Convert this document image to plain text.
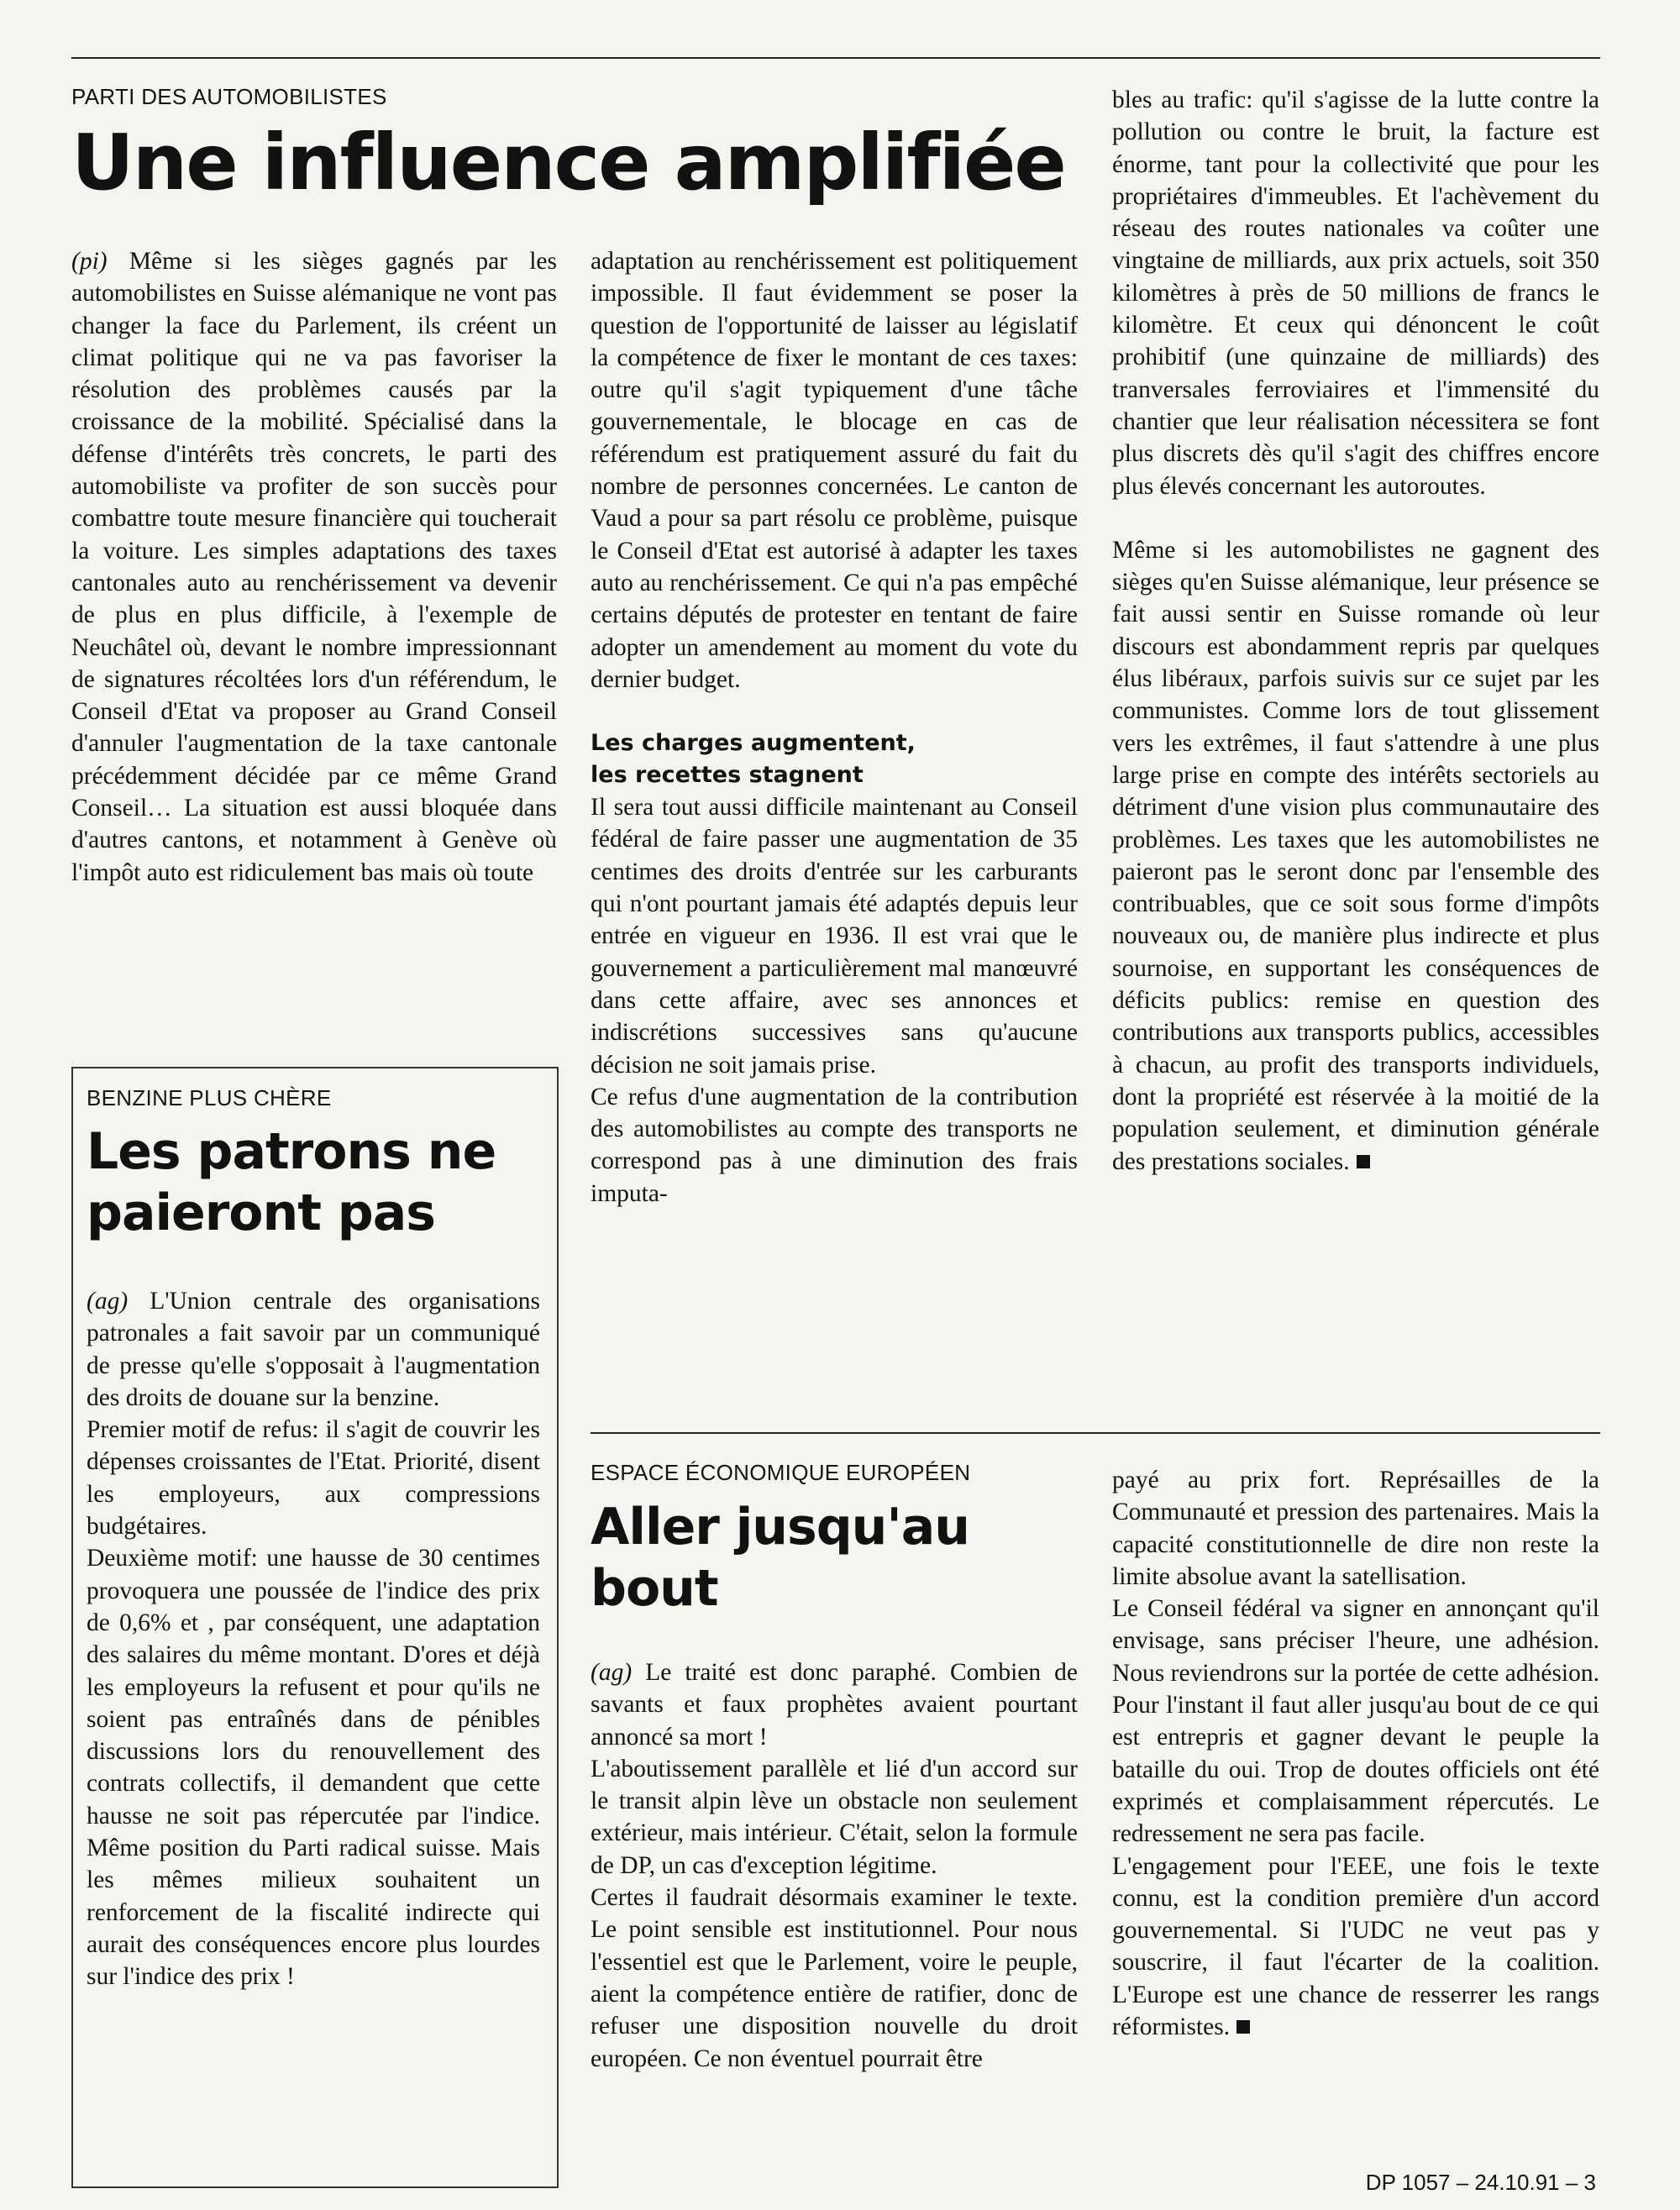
PARTI DES AUTOMOBILISTES
Une influence amplifiée

(pi) Même si les sièges gagnés par les automobilistes en Suisse alémanique ne vont pas changer la face du Parlement, ils créent un climat politique qui ne va pas favoriser la résolution des problèmes causés par la croissance de la mobilité. Spécialisé dans la défense d'intérêts très concrets, le parti des automobiliste va profiter de son succès pour combattre toute mesure financière qui toucherait la voiture. Les simples adaptations des taxes cantonales auto au renchérissement va devenir de plus en plus difficile, à l'exemple de Neuchâtel où, devant le nombre impressionnant de signatures récoltées lors d'un référendum, le Conseil d'Etat va proposer au Grand Conseil d'annuler l'augmentation de la taxe cantonale précédemment décidée par ce même Grand Conseil… La situation est aussi bloquée dans d'autres cantons, et notamment à Genève où l'impôt auto est ridiculement bas mais où toute

adaptation au renchérissement est politiquement impossible. Il faut évidemment se poser la question de l'opportunité de laisser au législatif la compétence de fixer le montant de ces taxes: outre qu'il s'agit typiquement d'une tâche gouvernementale, le blocage en cas de référendum est pratiquement assuré du fait du nombre de personnes concernées. Le canton de Vaud a pour sa part résolu ce problème, puisque le Conseil d'Etat est autorisé à adapter les taxes auto au renchérissement. Ce qui n'a pas empêché certains députés de protester en tentant de faire adopter un amendement au moment du vote du dernier budget.

Les charges augmentent,
les recettes stagnent

Il sera tout aussi difficile maintenant au Conseil fédéral de faire passer une augmentation de 35 centimes des droits d'entrée sur les carburants qui n'ont pourtant jamais été adaptés depuis leur entrée en vigueur en 1936. Il est vrai que le gouvernement a particulièrement mal manœuvré dans cette affaire, avec ses annonces et indiscrétions successives sans qu'aucune décision ne soit jamais prise.

Ce refus d'une augmentation de la contribution des automobilistes au compte des transports ne correspond pas à une diminution des frais imputa-

bles au trafic: qu'il s'agisse de la lutte contre la pollution ou contre le bruit, la facture est énorme, tant pour la collectivité que pour les propriétaires d'immeubles. Et l'achèvement du réseau des routes nationales va coûter une vingtaine de milliards, aux prix actuels, soit 350 kilomètres à près de 50 millions de francs le kilomètre. Et ceux qui dénoncent le coût prohibitif (une quinzaine de milliards) des tranversales ferroviaires et l'immensité du chantier que leur réalisation nécessitera se font plus discrets dès qu'il s'agit des chiffres encore plus élevés concernant les autoroutes.

Même si les automobilistes ne gagnent des sièges qu'en Suisse alémanique, leur présence se fait aussi sentir en Suisse romande où leur discours est abondamment repris par quelques élus libéraux, parfois suivis sur ce sujet par les communistes. Comme lors de tout glissement vers les extrêmes, il faut s'attendre à une plus large prise en compte des intérêts sectoriels au détriment d'une vision plus communautaire des problèmes. Les taxes que les automobilistes ne paieront pas le seront donc par l'ensemble des contribuables, que ce soit sous forme d'impôts nouveaux ou, de manière plus indirecte et plus sournoise, en supportant les conséquences de déficits publics: remise en question des contributions aux transports publics, accessibles à chacun, au profit des transports individuels, dont la propriété est réservée à la moitié de la population seulement, et diminution générale des prestations sociales.

BENZINE PLUS CHÈRE
Les patrons ne paieront pas

(ag) L'Union centrale des organisations patronales a fait savoir par un communiqué de presse qu'elle s'opposait à l'augmentation des droits de douane sur la benzine.

Premier motif de refus: il s'agit de couvrir les dépenses croissantes de l'Etat. Priorité, disent les employeurs, aux compressions budgétaires.

Deuxième motif: une hausse de 30 centimes provoquera une poussée de l'indice des prix de 0,6% et , par conséquent, une adaptation des salaires du même montant. D'ores et déjà les employeurs la refusent et pour qu'ils ne soient pas entraînés dans de pénibles discussions lors du renouvellement des contrats collectifs, il demandent que cette hausse ne soit pas répercutée par l'indice. Même position du Parti radical suisse. Mais les mêmes milieux souhaitent un renforcement de la fiscalité indirecte qui aurait des conséquences encore plus lourdes sur l'indice des prix !

ESPACE ÉCONOMIQUE EUROPÉEN
Aller jusqu'au bout

(ag) Le traité est donc paraphé. Combien de savants et faux prophètes avaient pourtant annoncé sa mort !

L'aboutissement parallèle et lié d'un accord sur le transit alpin lève un obstacle non seulement extérieur, mais intérieur. C'était, selon la formule de DP, un cas d'exception légitime.

Certes il faudrait désormais examiner le texte. Le point sensible est institutionnel. Pour nous l'essentiel est que le Parlement, voire le peuple, aient la compétence entière de ratifier, donc de refuser une disposition nouvelle du droit européen. Ce non éventuel pourrait être

payé au prix fort. Représailles de la Communauté et pression des partenaires. Mais la capacité constitutionnelle de dire non reste la limite absolue avant la satellisation.

Le Conseil fédéral va signer en annonçant qu'il envisage, sans préciser l'heure, une adhésion. Nous reviendrons sur la portée de cette adhésion. Pour l'instant il faut aller jusqu'au bout de ce qui est entrepris et gagner devant le peuple la bataille du oui. Trop de doutes officiels ont été exprimés et complaisamment répercutés. Le redressement ne sera pas facile.

L'engagement pour l'EEE, une fois le texte connu, est la condition première d'un accord gouvernemental. Si l'UDC ne veut pas y souscrire, il faut l'écarter de la coalition. L'Europe est une chance de resserrer les rangs réformistes.

DP 1057 – 24.10.91 – 3
